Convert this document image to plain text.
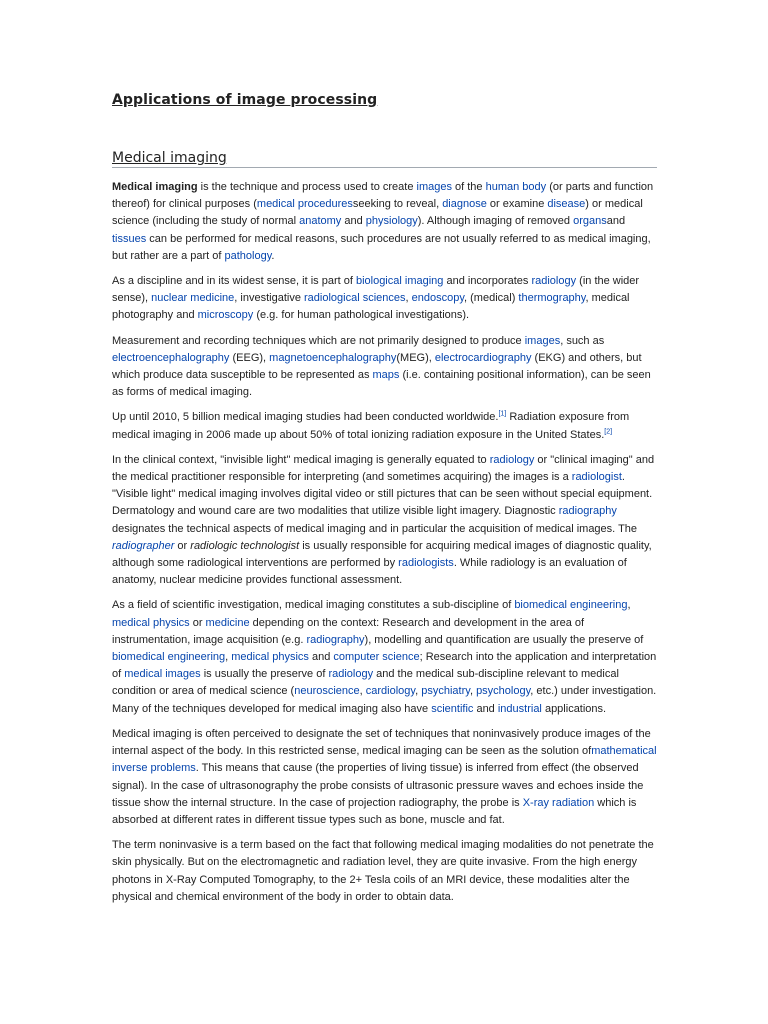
Applications of image processing
Medical imaging

Medical imaging is the technique and process used to create images of the human body (or parts and function thereof) for clinical purposes (medical proceduresseeking to reveal, diagnose or examine disease) or medical science (including the study of normal anatomy and physiology). Although imaging of removed organsand tissues can be performed for medical reasons, such procedures are not usually referred to as medical imaging, but rather are a part of pathology.

As a discipline and in its widest sense, it is part of biological imaging and incorporates radiology (in the wider sense), nuclear medicine, investigative radiological sciences, endoscopy, (medical) thermography, medical photography and microscopy (e.g. for human pathological investigations).

Measurement and recording techniques which are not primarily designed to produce images, such as electroencephalography (EEG), magnetoencephalography(MEG), electrocardiography (EKG) and others, but which produce data susceptible to be represented as maps (i.e. containing positional information), can be seen as forms of medical imaging.

Up until 2010, 5 billion medical imaging studies had been conducted worldwide.[1] Radiation exposure from medical imaging in 2006 made up about 50% of total ionizing radiation exposure in the United States.[2]

In the clinical context, "invisible light" medical imaging is generally equated to radiology or "clinical imaging" and the medical practitioner responsible for interpreting (and sometimes acquiring) the images is a radiologist. "Visible light" medical imaging involves digital video or still pictures that can be seen without special equipment. Dermatology and wound care are two modalities that utilize visible light imagery. Diagnostic radiography designates the technical aspects of medical imaging and in particular the acquisition of medical images. The radiographer or radiologic technologist is usually responsible for acquiring medical images of diagnostic quality, although some radiological interventions are performed by radiologists. While radiology is an evaluation of anatomy, nuclear medicine provides functional assessment.

As a field of scientific investigation, medical imaging constitutes a sub-discipline of biomedical engineering, medical physics or medicine depending on the context: Research and development in the area of instrumentation, image acquisition (e.g. radiography), modelling and quantification are usually the preserve of biomedical engineering, medical physics and computer science; Research into the application and interpretation of medical images is usually the preserve of radiology and the medical sub-discipline relevant to medical condition or area of medical science (neuroscience, cardiology, psychiatry, psychology, etc.) under investigation. Many of the techniques developed for medical imaging also have scientific and industrial applications.

Medical imaging is often perceived to designate the set of techniques that noninvasively produce images of the internal aspect of the body. In this restricted sense, medical imaging can be seen as the solution ofmathematical inverse problems. This means that cause (the properties of living tissue) is inferred from effect (the observed signal). In the case of ultrasonography the probe consists of ultrasonic pressure waves and echoes inside the tissue show the internal structure. In the case of projection radiography, the probe is X-ray radiation which is absorbed at different rates in different tissue types such as bone, muscle and fat.

The term noninvasive is a term based on the fact that following medical imaging modalities do not penetrate the skin physically. But on the electromagnetic and radiation level, they are quite invasive. From the high energy photons in X-Ray Computed Tomography, to the 2+ Tesla coils of an MRI device, these modalities alter the physical and chemical environment of the body in order to obtain data.
